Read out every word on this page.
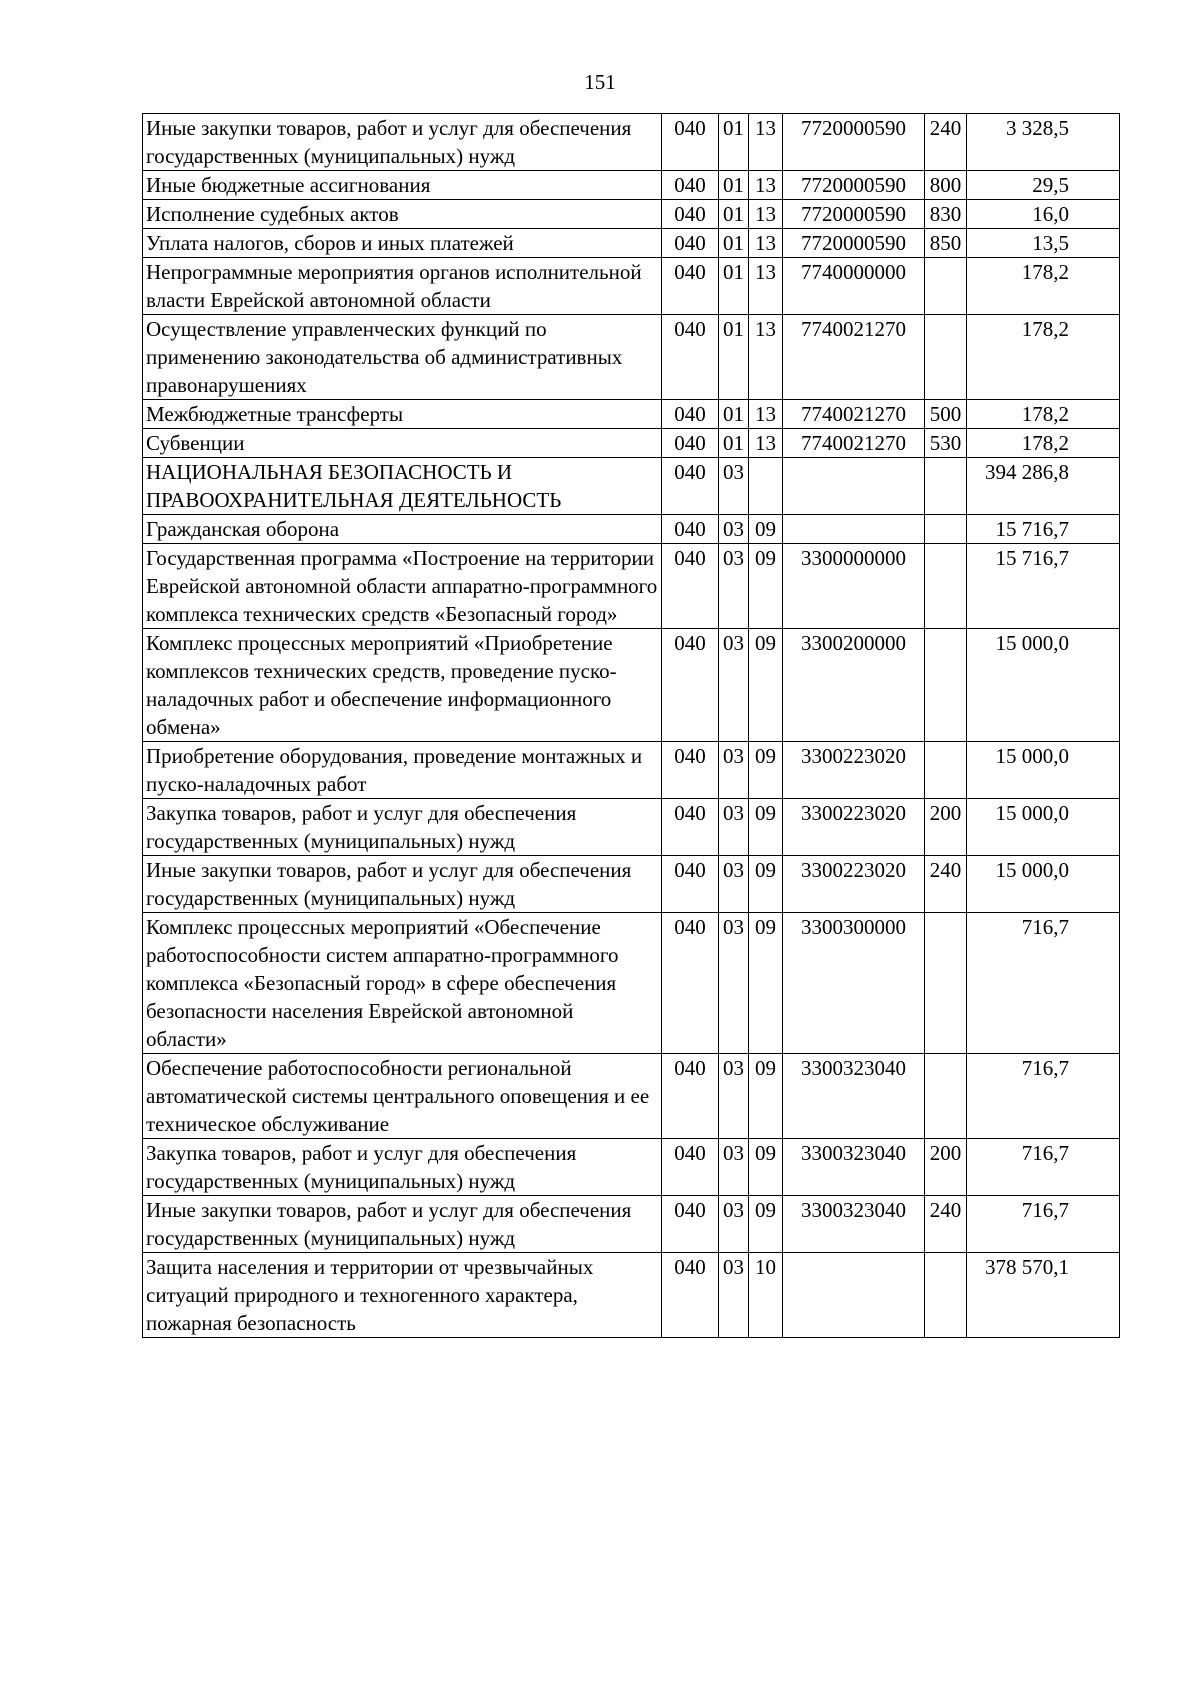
151
Иные закупки товаров, работ и услуг для обеспечения государственных (муниципальных) нужд	040	01	13	7720000590	240	3 328,5
Иные бюджетные ассигнования	040	01	13	7720000590	800	29,5
Исполнение судебных актов	040	01	13	7720000590	830	16,0
Уплата налогов, сборов и иных платежей	040	01	13	7720000590	850	13,5
Непрограммные мероприятия органов исполнительной власти Еврейской автономной области	040	01	13	7740000000		178,2
Осуществление управленческих функций по применению законодательства об административных правонарушениях	040	01	13	7740021270		178,2
Межбюджетные трансферты	040	01	13	7740021270	500	178,2
Субвенции	040	01	13	7740021270	530	178,2
НАЦИОНАЛЬНАЯ БЕЗОПАСНОСТЬ И ПРАВООХРАНИТЕЛЬНАЯ ДЕЯТЕЛЬНОСТЬ	040	03				394 286,8
Гражданская оборона	040	03	09			15 716,7
Государственная программа «Построение на территории Еврейской автономной области аппаратно-программного комплекса технических средств «Безопасный город»	040	03	09	3300000000		15 716,7
Комплекс процессных мероприятий «Приобретение комплексов технических средств, проведение пуско-наладочных работ и обеспечение информационного обмена»	040	03	09	3300200000		15 000,0
Приобретение оборудования, проведение монтажных и пуско-наладочных работ	040	03	09	3300223020		15 000,0
Закупка товаров, работ и услуг для обеспечения государственных (муниципальных) нужд	040	03	09	3300223020	200	15 000,0
Иные закупки товаров, работ и услуг для обеспечения государственных (муниципальных) нужд	040	03	09	3300223020	240	15 000,0
Комплекс процессных мероприятий «Обеспечение работоспособности систем аппаратно-программного комплекса «Безопасный город» в сфере обеспечения безопасности населения Еврейской автономной области»	040	03	09	3300300000		716,7
Обеспечение работоспособности региональной автоматической системы центрального оповещения и ее техническое обслуживание	040	03	09	3300323040		716,7
Закупка товаров, работ и услуг для обеспечения государственных (муниципальных) нужд	040	03	09	3300323040	200	716,7
Иные закупки товаров, работ и услуг для обеспечения государственных (муниципальных) нужд	040	03	09	3300323040	240	716,7
Защита населения и территории от чрезвычайных ситуаций природного и техногенного характера, пожарная безопасность	040	03	10			378 570,1
